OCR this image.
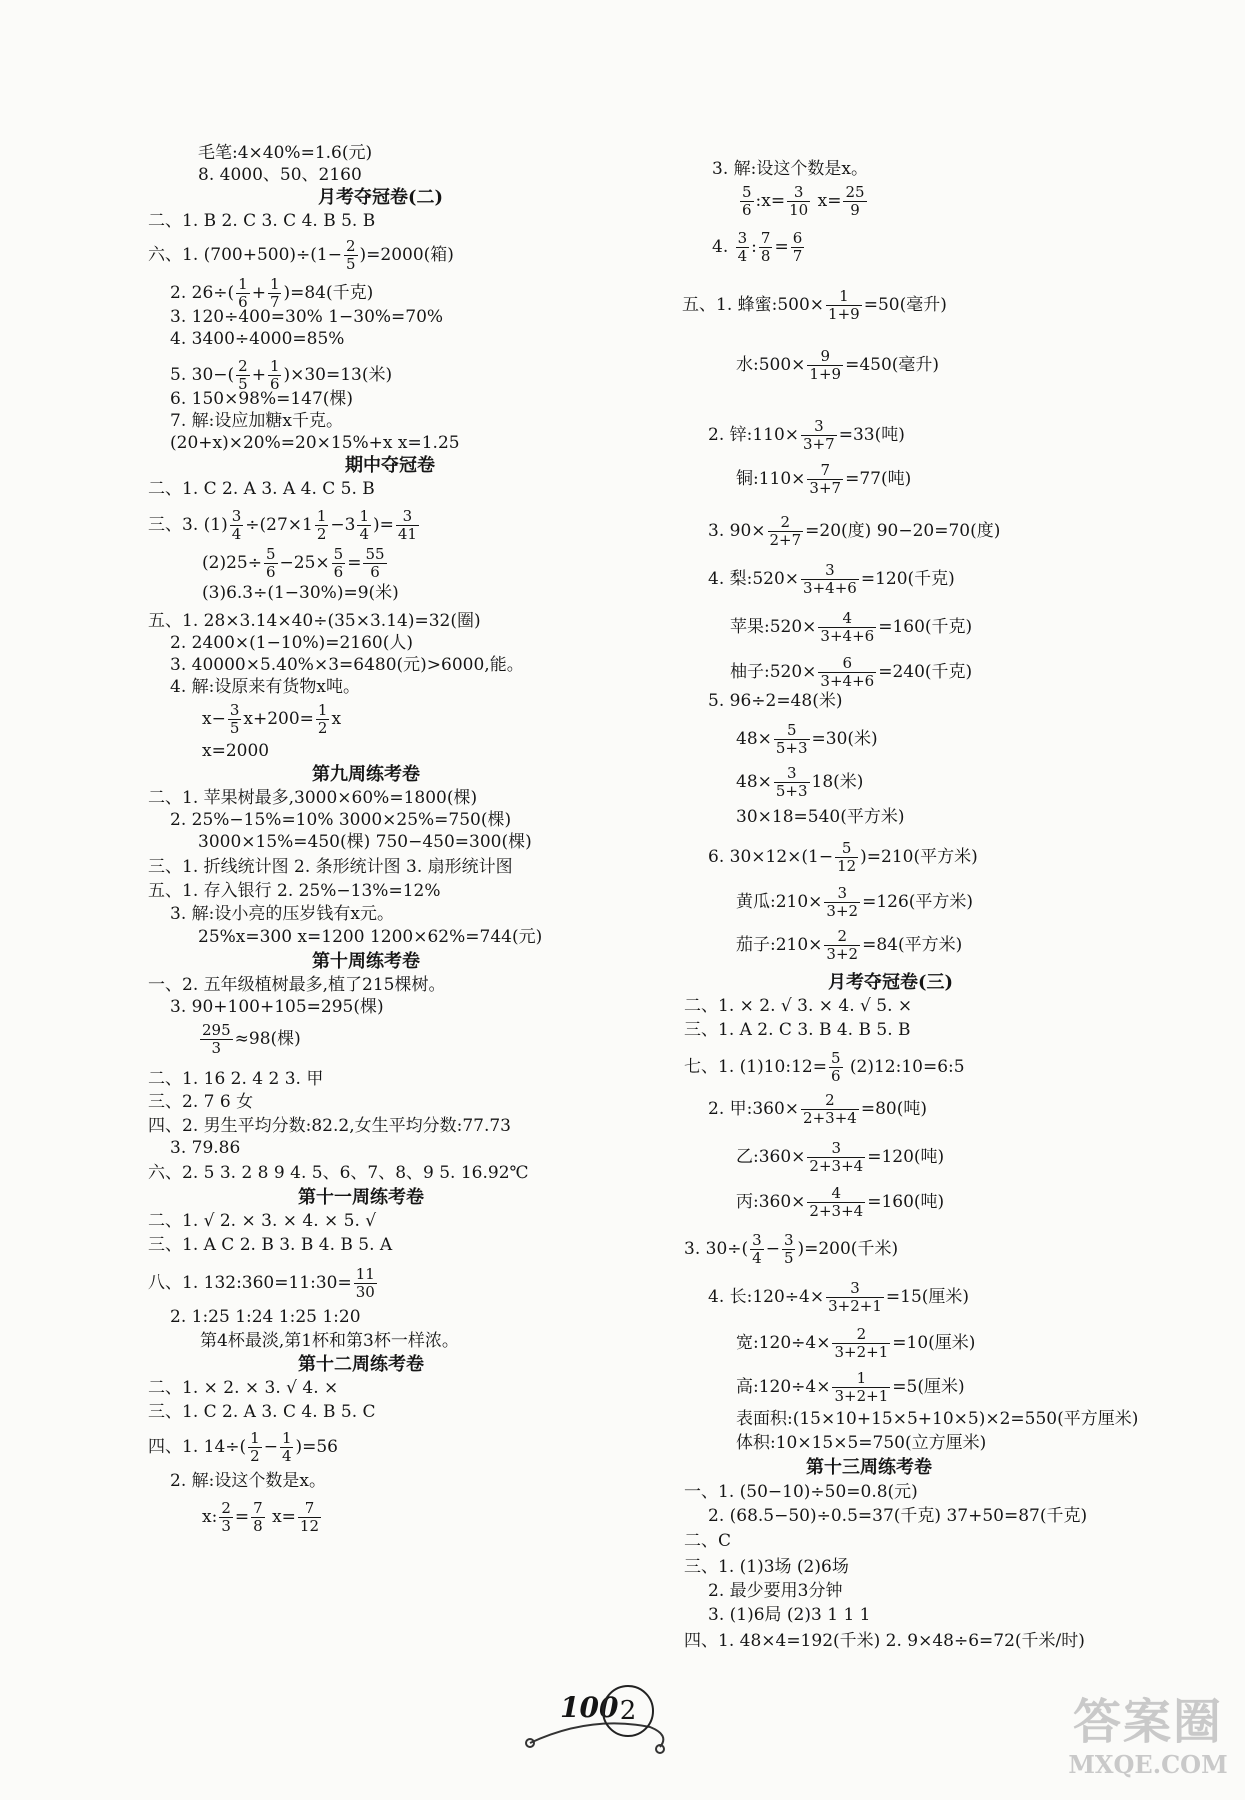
毛笔:4×40%=1.6(元)
8. 4000、50、2160
月考夺冠卷(二)
二、1. B 2. C 3. C 4. B 5. B
六、1. $(700+500)\div(1- \frac{2}{5} )=2000$(箱)
2. $26\div( \frac{1}{6} + \frac{1}{7} )=84$(千克)
3. 120÷400=30% 1−30%=70%
4. 3400÷4000=85%
5. $30-( \frac{2}{5} + \frac{1}{6} )\times 30=13$(米)
6. 150×98%=147(棵)
7. 解:设应加糖x千克。
(20+x)×20%=20×15%+x x=1.25
期中夺冠卷
二、1. C 2. A 3. A 4. C 5. B
三、3. $(1) \frac{3}{4} \div(27\times 1 \frac{1}{2} -3 \frac{1}{4}$ )= $\frac{3}{41}$
$(2)25\div \frac{5}{6} -25\times \frac{5}{6} = \frac{55}{6}$
(3)6.3÷(1−30%)=9(米)
五、1. 28×3.14×40÷(35×3.14)=32(圈)
2. 2400×(1−10%)=2160(人)
3. 40000×5.40%×3=6480(元)>6000,能。
4. 解:设原来有货物x吨。
$x- \frac{3}{5} x+200= \frac{1}{2}$ x
x=2000
第九周练考卷
二、1. 苹果树最多,3000×60%=1800(棵)
2. 25%−15%=10% 3000×25%=750(棵)
3000×15%=450(棵) 750−450=300(棵)
三、1. 折线统计图 2. 条形统计图 3. 扇形统计图
五、1. 存入银行 2. 25%−13%=12%
3. 解:设小亮的压岁钱有x元。
25%x=300 x=1200 1200×62%=744(元)
第十周练考卷
一、2. 五年级植树最多,植了215棵树。
3. 90+100+105=295(棵)
$\frac{295}{3} \approx 98$(棵)
二、1. 16 2. 4 2 3. 甲
三、2. 7 6 女
四、2. 男生平均分数:82.2,女生平均分数:77.73
3. 79.86
六、2. 5 3. 2 8 9 4. 5、6、7、8、9 5. 16.92℃
第十一周练考卷
二、1. √ 2. × 3. × 4. × 5. √
三、1. A C 2. B 3. B 4. B 5. A
八、1. 132:360=11:30= $\frac{11}{30}$
2. 1:25 1:24 1:25 1:20
第4杯最淡,第1杯和第3杯一样浓。
第十二周练考卷
二、1. × 2. × 3. √ 4. ×
三、1. C 2. A 3. C 4. B 5. C
四、1. $14\div( \frac{1}{2} - \frac{1}{4} )=56$
2. 解:设这个数是x。
x: $\frac{2}{3} = \frac{7}{8} x= \frac{7}{12}$
3. 解:设这个数是x。
$\frac{5}{6}$ :x= $\frac{3}{10} x= \frac{25}{9}$
4. $\frac{3}{4}$ : $\frac{7}{8} = \frac{6}{7}$
五、1. 蜂蜜:500× $\frac{1}{1+9} =50$(毫升)
水:500× $\frac{9}{1+9} =450$(毫升)
2. 锌:110× $\frac{3}{3+7} =33$(吨)
铜:110× $\frac{7}{3+7} =77$(吨)
3. $90\times \frac{2}{2+7} =20$(度) 90−20=70(度)
4. 梨:520× $\frac{3}{3+4+6} =120$(千克)
苹果:520× $\frac{4}{3+4+6} =160$(千克)
柚子:520× $\frac{6}{3+4+6} =240$(千克)
5. 96÷2=48(米)
$48\times \frac{5}{5+3} =30$(米)
$48\times \frac{3}{5+3} 18$(米)
30×18=540(平方米)
6. $30\times 12\times(1- \frac{5}{12} )=210$(平方米)
黄瓜:210× $\frac{3}{3+2} =126$(平方米)
茄子:210× $\frac{2}{3+2} =84$(平方米)
月考夺冠卷(三)
二、1. × 2. √ 3. × 4. √ 5. ×
三、1. A 2. C 3. B 4. B 5. B
七、1. (1)10:12= $\frac{5}{6}$ (2)12:10=6:5
2. 甲:360× $\frac{2}{2+3+4} =80$(吨)
乙:360× $\frac{3}{2+3+4} =120$(吨)
丙:360× $\frac{4}{2+3+4} =160$(吨)
3. $30\div( \frac{3}{4} - \frac{3}{5} )=200$(千米)
4. 长:120÷4× $\frac{3}{3+2+1} =15$(厘米)
宽:120÷4× $\frac{2}{3+2+1} =10$(厘米)
高:120÷4× $\frac{1}{3+2+1} =5$(厘米)
表面积:(15×10+15×5+10×5)×2=550(平方厘米)
体积:10×15×5=750(立方厘米)
第十三周练考卷
一、1. (50−10)÷50=0.8(元)
2. (68.5−50)÷0.5=37(千克) 37+50=87(千克)
二、C
三、1. (1)3场 (2)6场
2. 最少要用3分钟
3. (1)6局 (2)3 1 1 1
四、1. 48×4=192(千米) 2. 9×48÷6=72(千米/时)
100 2	答案圈
MXQE.COM
